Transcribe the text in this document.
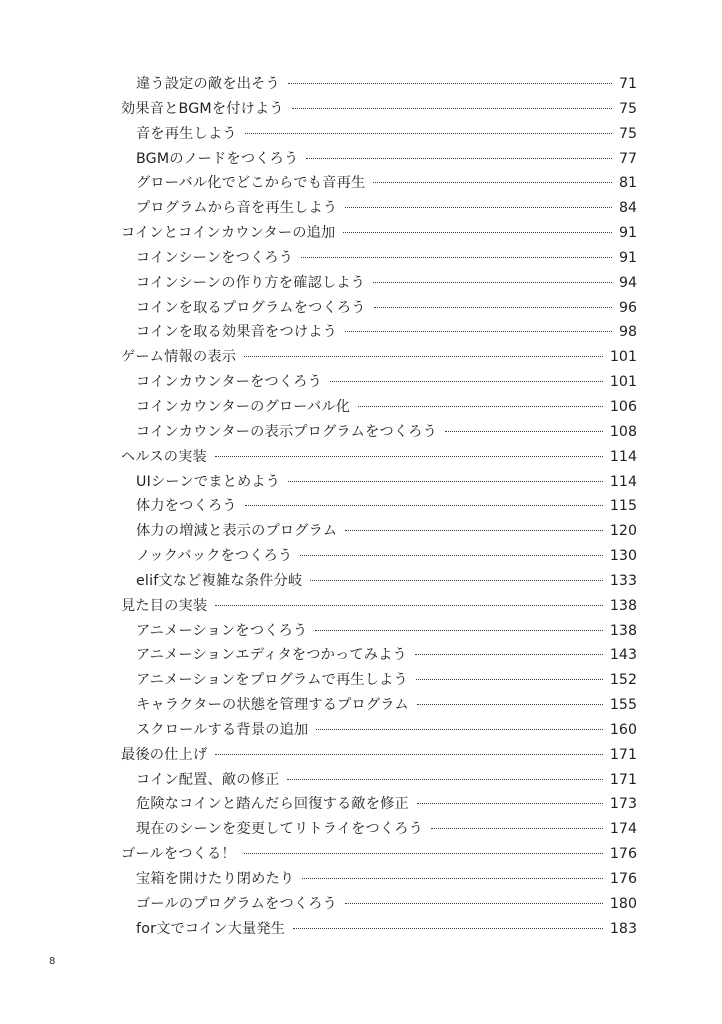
違う設定の敵を出そう	71
効果音とBGMを付けよう	75
音を再生しよう	75
BGMのノードをつくろう	77
グローバル化でどこからでも音再生	81
プログラムから音を再生しよう	84
コインとコインカウンターの追加	91
コインシーンをつくろう	91
コインシーンの作り方を確認しよう	94
コインを取るプログラムをつくろう	96
コインを取る効果音をつけよう	98
ゲーム情報の表示	101
コインカウンターをつくろう	101
コインカウンターのグローバル化	106
コインカウンターの表示プログラムをつくろう	108
ヘルスの実装	114
UIシーンでまとめよう	114
体力をつくろう	115
体力の増減と表示のプログラム	120
ノックバックをつくろう	130
elif文など複雑な条件分岐	133
見た目の実装	138
アニメーションをつくろう	138
アニメーションエディタをつかってみよう	143
アニメーションをプログラムで再生しよう	152
キャラクターの状態を管理するプログラム	155
スクロールする背景の追加	160
最後の仕上げ	171
コイン配置、敵の修正	171
危険なコインと踏んだら回復する敵を修正	173
現在のシーンを変更してリトライをつくろう	174
ゴールをつくる！	176
宝箱を開けたり閉めたり	176
ゴールのプログラムをつくろう	180
for文でコイン大量発生	183
8
